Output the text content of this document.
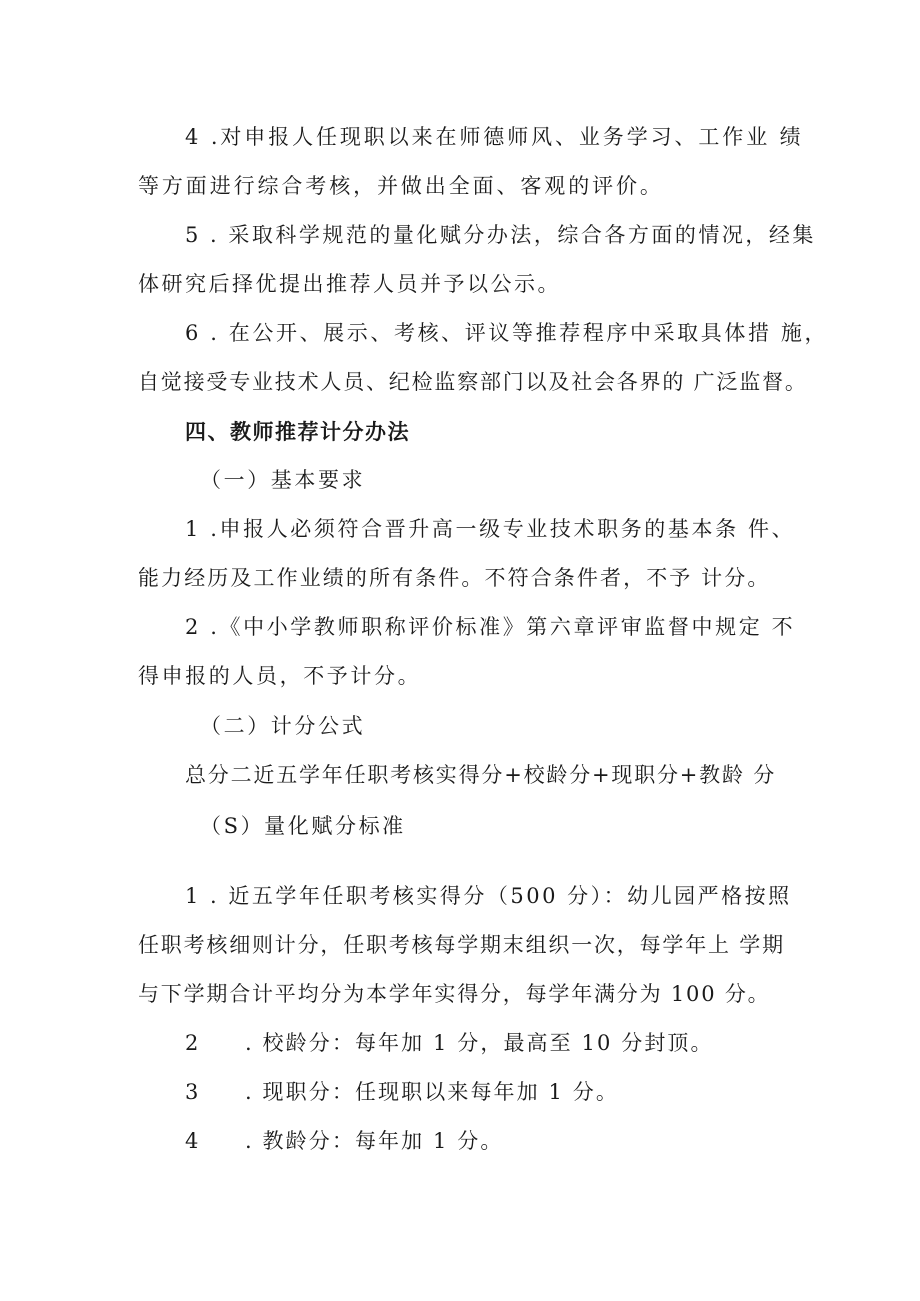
4 .对申报人任现职以来在师德师风、业务学习、工作业 绩
等方面进行综合考核，并做出全面、客观的评价。
5 . 采取科学规范的量化赋分办法，综合各方面的情况，经集
体研究后择优提出推荐人员并予以公示。
6 . 在公开、展示、考核、评议等推荐程序中采取具体措 施，
自觉接受专业技术人员、纪检监察部门以及社会各界的 广泛监督。
四、教师推荐计分办法
（一）基本要求
1 .申报人必须符合晋升高一级专业技术职务的基本条 件、
能力经历及工作业绩的所有条件。不符合条件者，不予 计分。
2 .《中小学教师职称评价标准》第六章评审监督中规定 不
得申报的人员，不予计分。
（二）计分公式
总分二近五学年任职考核实得分+校龄分+现职分+教龄 分
（S）量化赋分标准
1 . 近五学年任职考核实得分（500 分）：幼儿园严格按照
任职考核细则计分，任职考核每学期末组织一次，每学年上 学期
与下学期合计平均分为本学年实得分，每学年满分为 100 分。
2 . 校龄分：每年加 1 分，最高至 10 分封顶。
3 . 现职分：任现职以来每年加 1 分。
4 . 教龄分：每年加 1 分。
